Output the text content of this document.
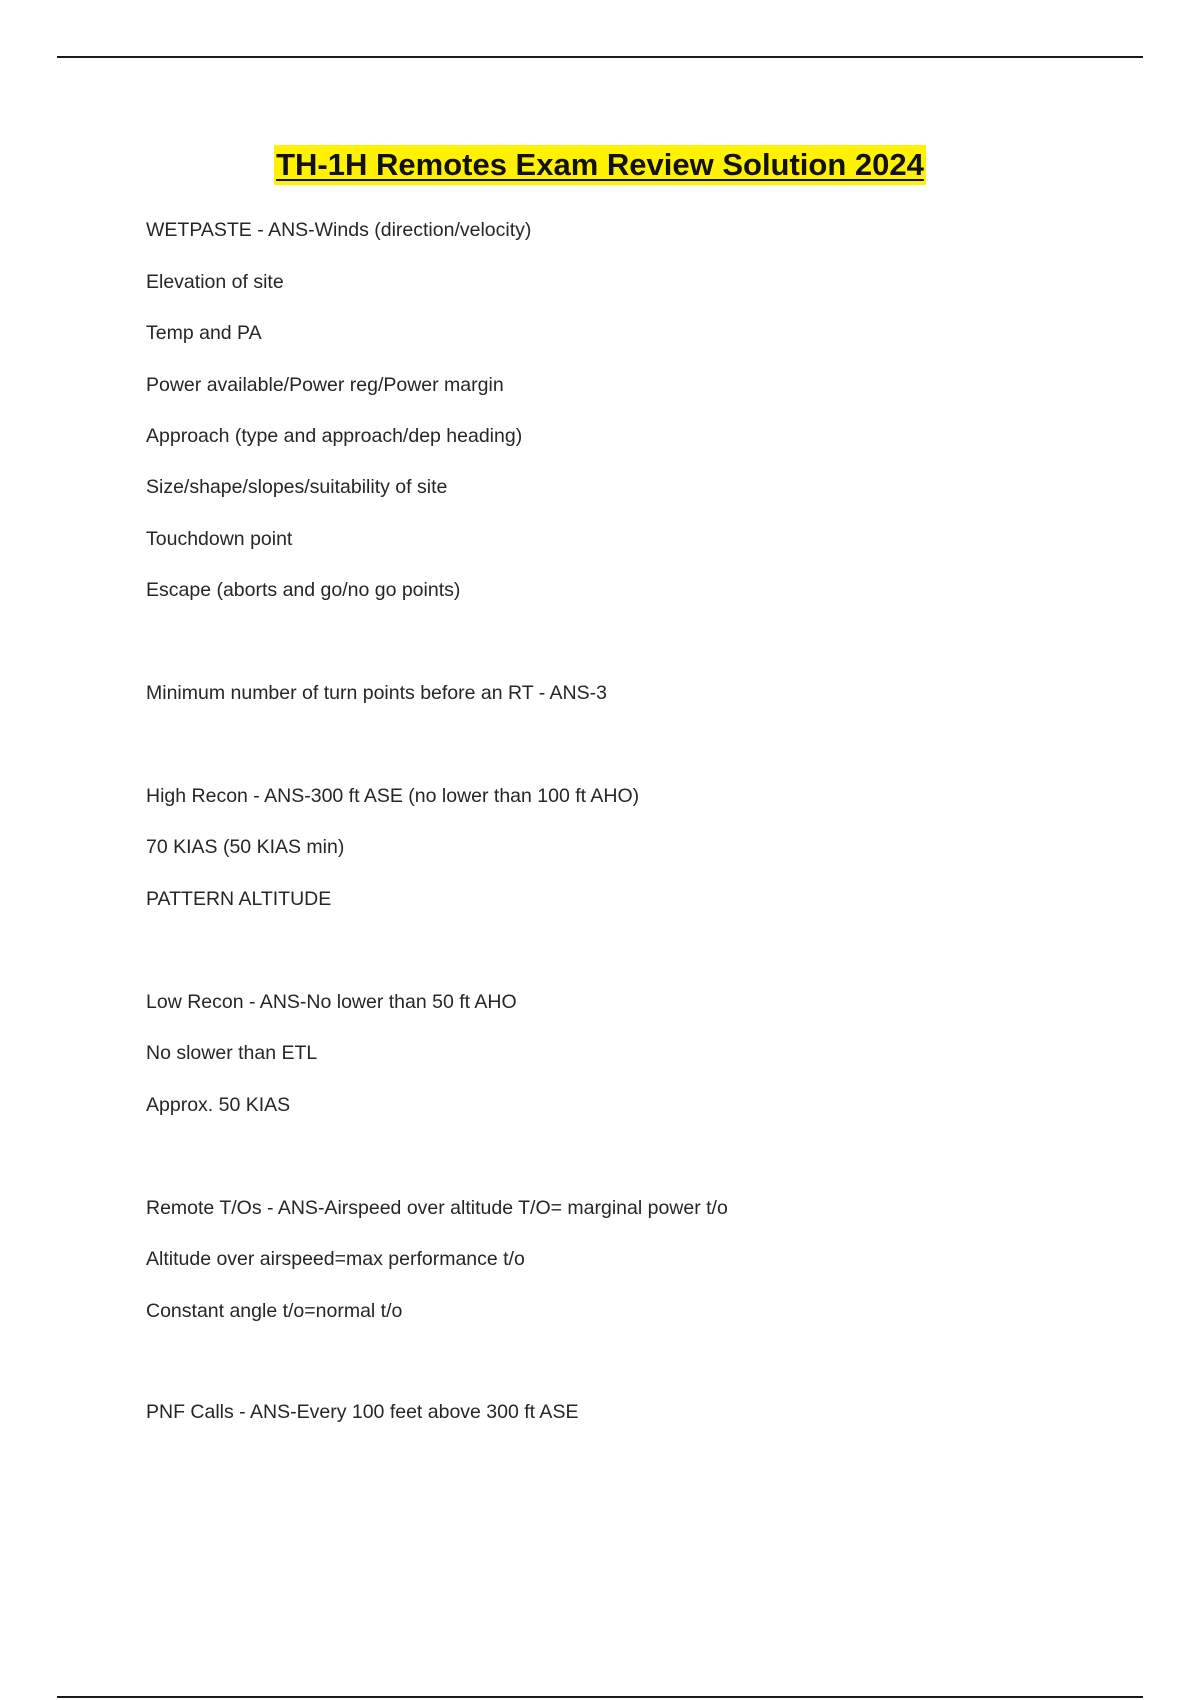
TH-1H Remotes Exam Review Solution 2024
WETPASTE - ANS-Winds (direction/velocity)
Elevation of site
Temp and PA
Power available/Power reg/Power margin
Approach (type and approach/dep heading)
Size/shape/slopes/suitability of site
Touchdown point
Escape (aborts and go/no go points)
Minimum number of turn points before an RT - ANS-3
High Recon - ANS-300 ft ASE (no lower than 100 ft AHO)
70 KIAS (50 KIAS min)
PATTERN ALTITUDE
Low Recon - ANS-No lower than 50 ft AHO
No slower than ETL
Approx. 50 KIAS
Remote T/Os - ANS-Airspeed over altitude T/O= marginal power t/o
Altitude over airspeed=max performance t/o
Constant angle t/o=normal t/o
PNF Calls - ANS-Every 100 feet above 300 ft ASE
